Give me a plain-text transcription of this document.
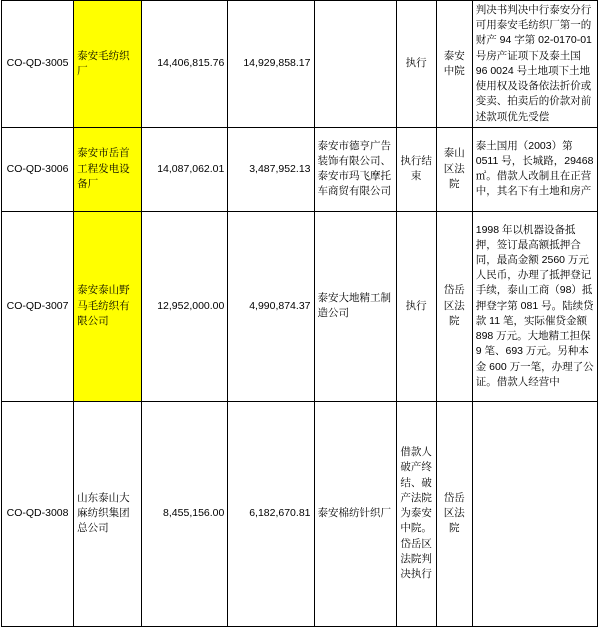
CO-QD-3005	泰安毛纺织厂	14,406,815.76	14,929,858.17		执行	泰安中院	判决书判决中行泰安分行可用泰安毛纺织厂第一的财产 94 字第 02-0170-01 号房产证项下及泰土国 96 0024 号土地项下土地使用权及设备依法折价或变卖、拍卖后的价款对前述款项优先受偿
CO-QD-3006	泰安市岳首工程发电设备厂	14,087,062.01	3,487,952.13	泰安市德亨广告装饰有限公司、泰安市玛飞摩托车商贸有限公司	执行结束	泰山区法院	泰土国用（2003）第 0511 号，长城路，29468 ㎡。借款人改制且在正营中，其名下有土地和房产
CO-QD-3007	泰安泰山野马毛纺织有限公司	12,952,000.00	4,990,874.37	泰安大地精工制造公司	执行	岱岳区法院	1998 年以机器设备抵押，签订最高额抵押合同，最高金额 2560 万元人民币，办理了抵押登记手续，泰山工商（98）抵押登字第 081 号。陆续贷款 11 笔，实际催贷金额 898 万元。大地精工担保 9 笔、693 万元。另种本金 600 万一笔，办理了公证。借款人经营中
CO-QD-3008	山东泰山大麻纺织集团总公司	8,455,156.00	6,182,670.81	泰安棉纺针织厂	借款人破产终结、破产法院为泰安中院。岱岳区法院判决执行	岱岳区法院	
